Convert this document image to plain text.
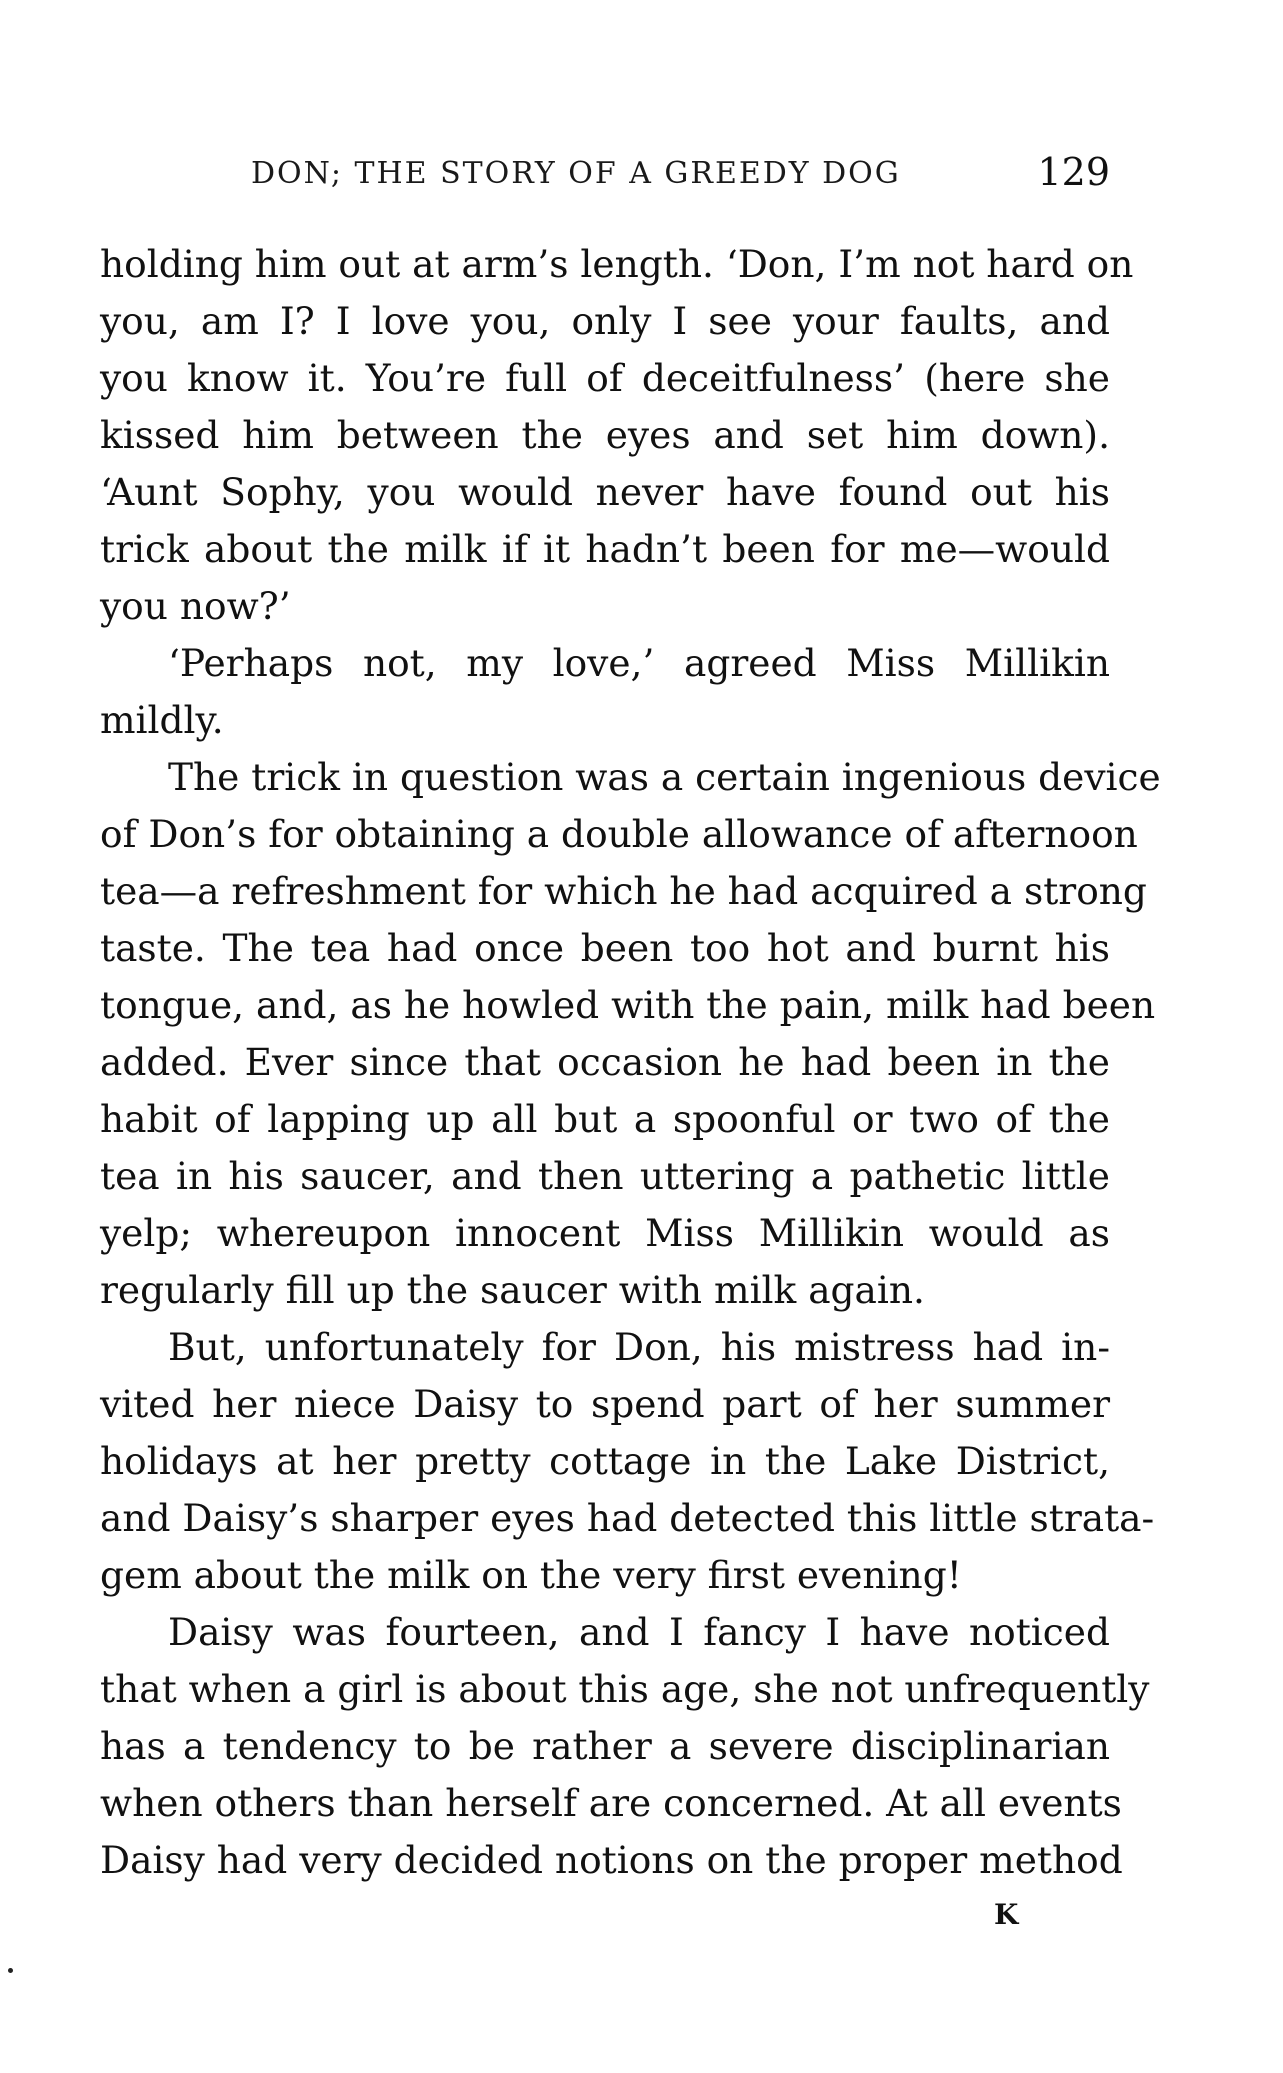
DON; THE STORY OF A GREEDY DOG	129
holding him out at arm’s length. ‘Don, I’m not hard on
you, am I? I love you, only I see your faults, and
you know it. You’re full of deceitfulness’ (here she
kissed him between the eyes and set him down).
‘Aunt Sophy, you would never have found out his
trick about the milk if it hadn’t been for me—would
you now?’
‘Perhaps not, my love,’ agreed Miss Millikin
mildly.
The trick in question was a certain ingenious device
of Don’s for obtaining a double allowance of afternoon
tea—a refreshment for which he had acquired a strong
taste. The tea had once been too hot and burnt his
tongue, and, as he howled with the pain, milk had been
added. Ever since that occasion he had been in the
habit of lapping up all but a spoonful or two of the
tea in his saucer, and then uttering a pathetic little
yelp; whereupon innocent Miss Millikin would as
regularly fill up the saucer with milk again.
But, unfortunately for Don, his mistress had in-
vited her niece Daisy to spend part of her summer
holidays at her pretty cottage in the Lake District,
and Daisy’s sharper eyes had detected this little strata-
gem about the milk on the very first evening!
Daisy was fourteen, and I fancy I have noticed
that when a girl is about this age, she not unfrequently
has a tendency to be rather a severe disciplinarian
when others than herself are concerned. At all events
Daisy had very decided notions on the proper method
K
